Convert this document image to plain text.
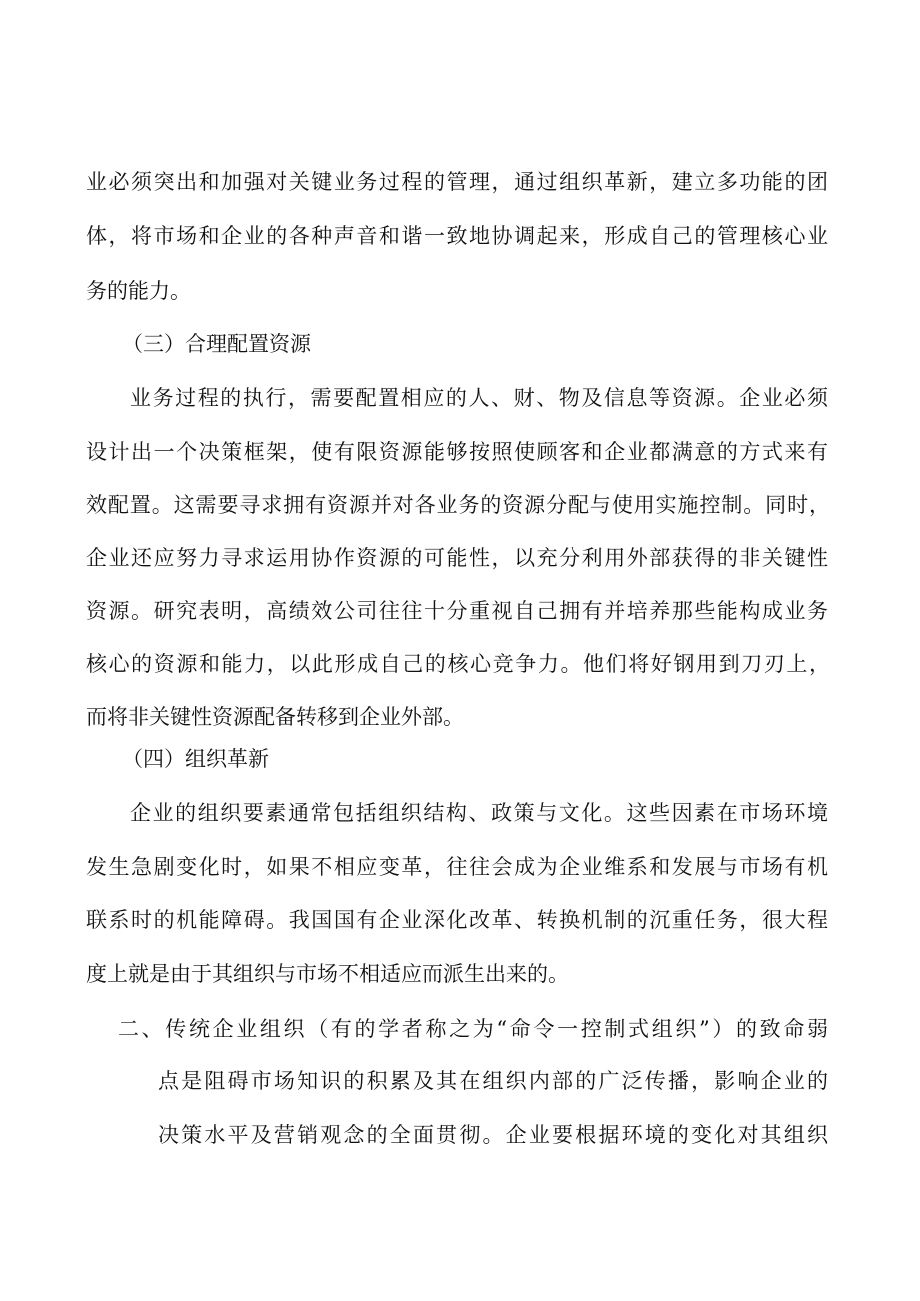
业必须突出和加强对关键业务过程的管理，通过组织革新，建立多功能的团
体，将市场和企业的各种声音和谐一致地协调起来，形成自己的管理核心业
务的能力。
（三）合理配置资源
业务过程的执行，需要配置相应的人、财、物及信息等资源。企业必须
设计出一个决策框架，使有限资源能够按照使顾客和企业都满意的方式来有
效配置。这需要寻求拥有资源并对各业务的资源分配与使用实施控制。同时，
企业还应努力寻求运用协作资源的可能性，以充分利用外部获得的非关键性
资源。研究表明，高绩效公司往往十分重视自己拥有并培养那些能构成业务
核心的资源和能力，以此形成自己的核心竞争力。他们将好钢用到刀刃上，
而将非关键性资源配备转移到企业外部。
（四）组织革新
企业的组织要素通常包括组织结构、政策与文化。这些因素在市场环境
发生急剧变化时，如果不相应变革，往往会成为企业维系和发展与市场有机
联系时的机能障碍。我国国有企业深化改革、转换机制的沉重任务，很大程
度上就是由于其组织与市场不相适应而派生出来的。
二、传统企业组织（有的学者称之为“命令一控制式组织”）的致命弱
点是阻碍市场知识的积累及其在组织内部的广泛传播，影响企业的
决策水平及营销观念的全面贯彻。企业要根据环境的变化对其组织
